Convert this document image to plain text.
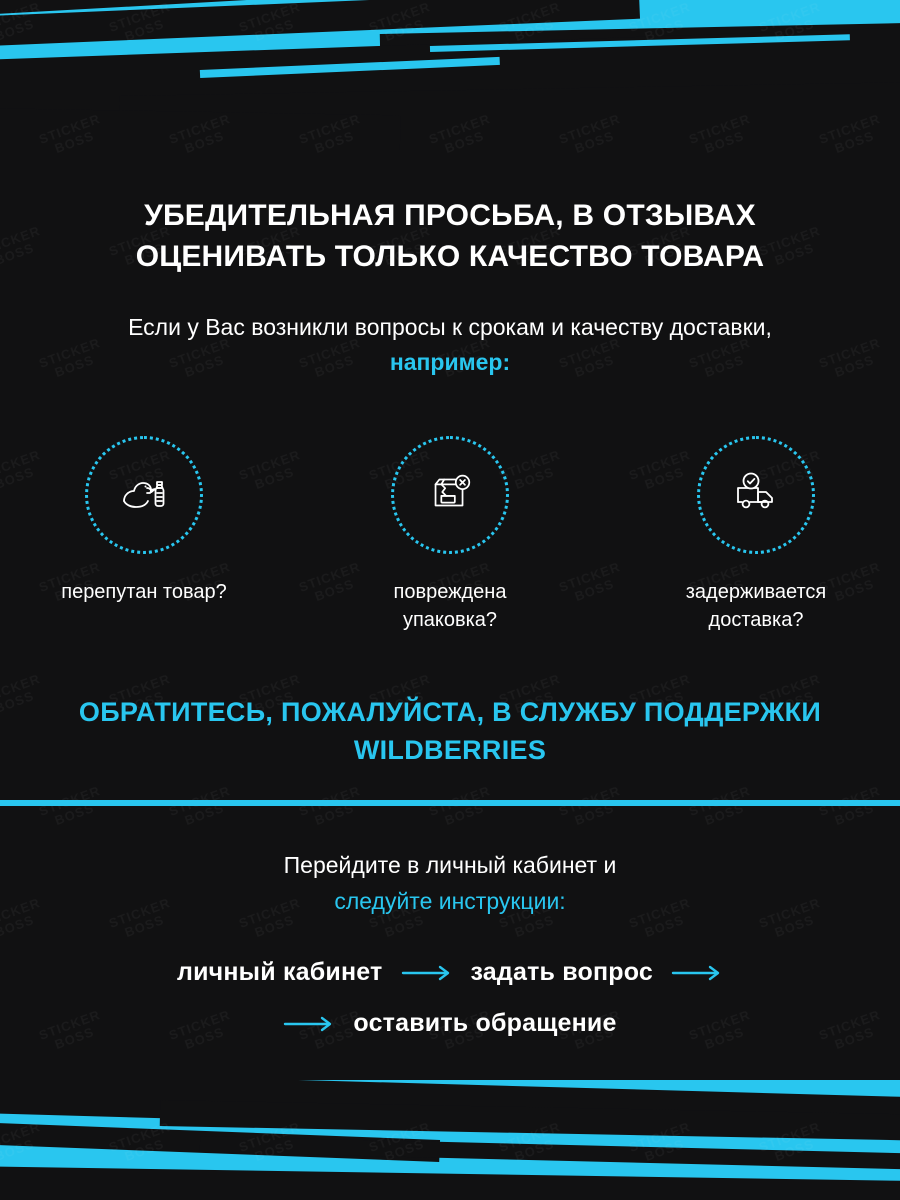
УБЕДИТЕЛЬНАЯ ПРОСЬБА, В ОТЗЫВАХ ОЦЕНИВАТЬ ТОЛЬКО КАЧЕСТВО ТОВАРА
Если у Вас возникли вопросы к срокам и качеству доставки, например:
перепутан товар?	повреждена упаковка?
задерживается доставка?
ОБРАТИТЕСЬ, ПОЖАЛУЙСТА, В СЛУЖБУ ПОДДЕРЖКИ WILDBERRIES
Перейдите в личный кабинет и
следуйте инструкции:
личный кабинет	задать вопрос
оставить обращение
